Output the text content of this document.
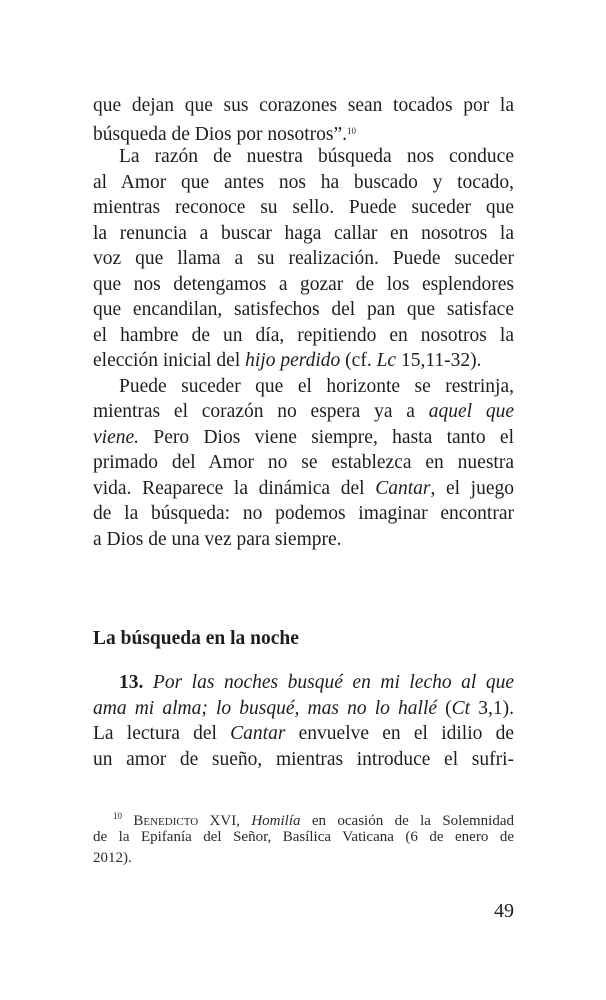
que dejan que sus corazones sean tocados por la
búsqueda de Dios por nosotros”.$^{10}$
La razón de nuestra búsqueda nos conduce
al Amor que antes nos ha buscado y tocado,
mientras reconoce su sello. Puede suceder que
la renuncia a buscar haga callar en nosotros la
voz que llama a su realización. Puede suceder
que nos detengamos a gozar de los esplendores
que encandilan, satisfechos del pan que satisface
el hambre de un día, repitiendo en nosotros la
elección inicial del hijo perdido (cf. Lc 15,11-32).
Puede suceder que el horizonte se restrinja,
mientras el corazón no espera ya a aquel que
viene. Pero Dios viene siempre, hasta tanto el
primado del Amor no se establezca en nuestra
vida. Reaparece la dinámica del Cantar, el juego
de la búsqueda: no podemos imaginar encontrar
a Dios de una vez para siempre.
La búsqueda en la noche
13. Por las noches busqué en mi lecho al que
ama mi alma; lo busqué, mas no lo hallé (Ct 3,1).
La lectura del Cantar envuelve en el idilio de
un amor de sueño, mientras introduce el sufri-
$^{10}$ Benedicto XVI, Homilía en ocasión de la Solemnidad
de la Epifanía del Señor, Basílica Vaticana (6 de enero de
2012).
49
